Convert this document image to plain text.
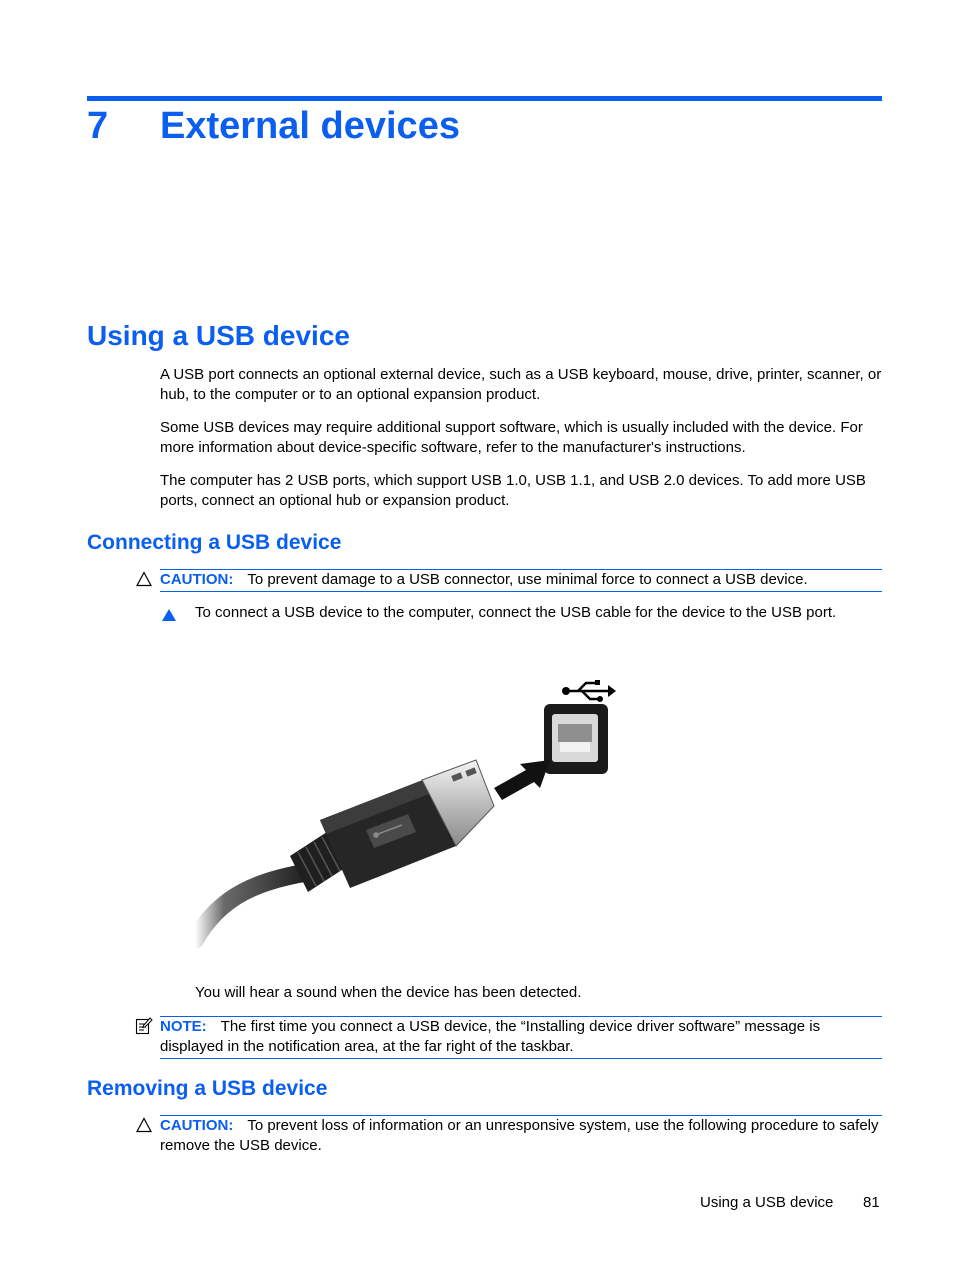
7 External devices
Using a USB device
A USB port connects an optional external device, such as a USB keyboard, mouse, drive, printer, scanner, or hub, to the computer or to an optional expansion product.
Some USB devices may require additional support software, which is usually included with the device. For more information about device-specific software, refer to the manufacturer's instructions.
The computer has 2 USB ports, which support USB 1.0, USB 1.1, and USB 2.0 devices. To add more USB ports, connect an optional hub or expansion product.
Connecting a USB device
CAUTION: To prevent damage to a USB connector, use minimal force to connect a USB device.
To connect a USB device to the computer, connect the USB cable for the device to the USB port.
You will hear a sound when the device has been detected.
NOTE: The first time you connect a USB device, the “Installing device driver software” message is displayed in the notification area, at the far right of the taskbar.
Removing a USB device
CAUTION: To prevent loss of information or an unresponsive system, use the following procedure to safely remove the USB device.
Using a USB device 81
